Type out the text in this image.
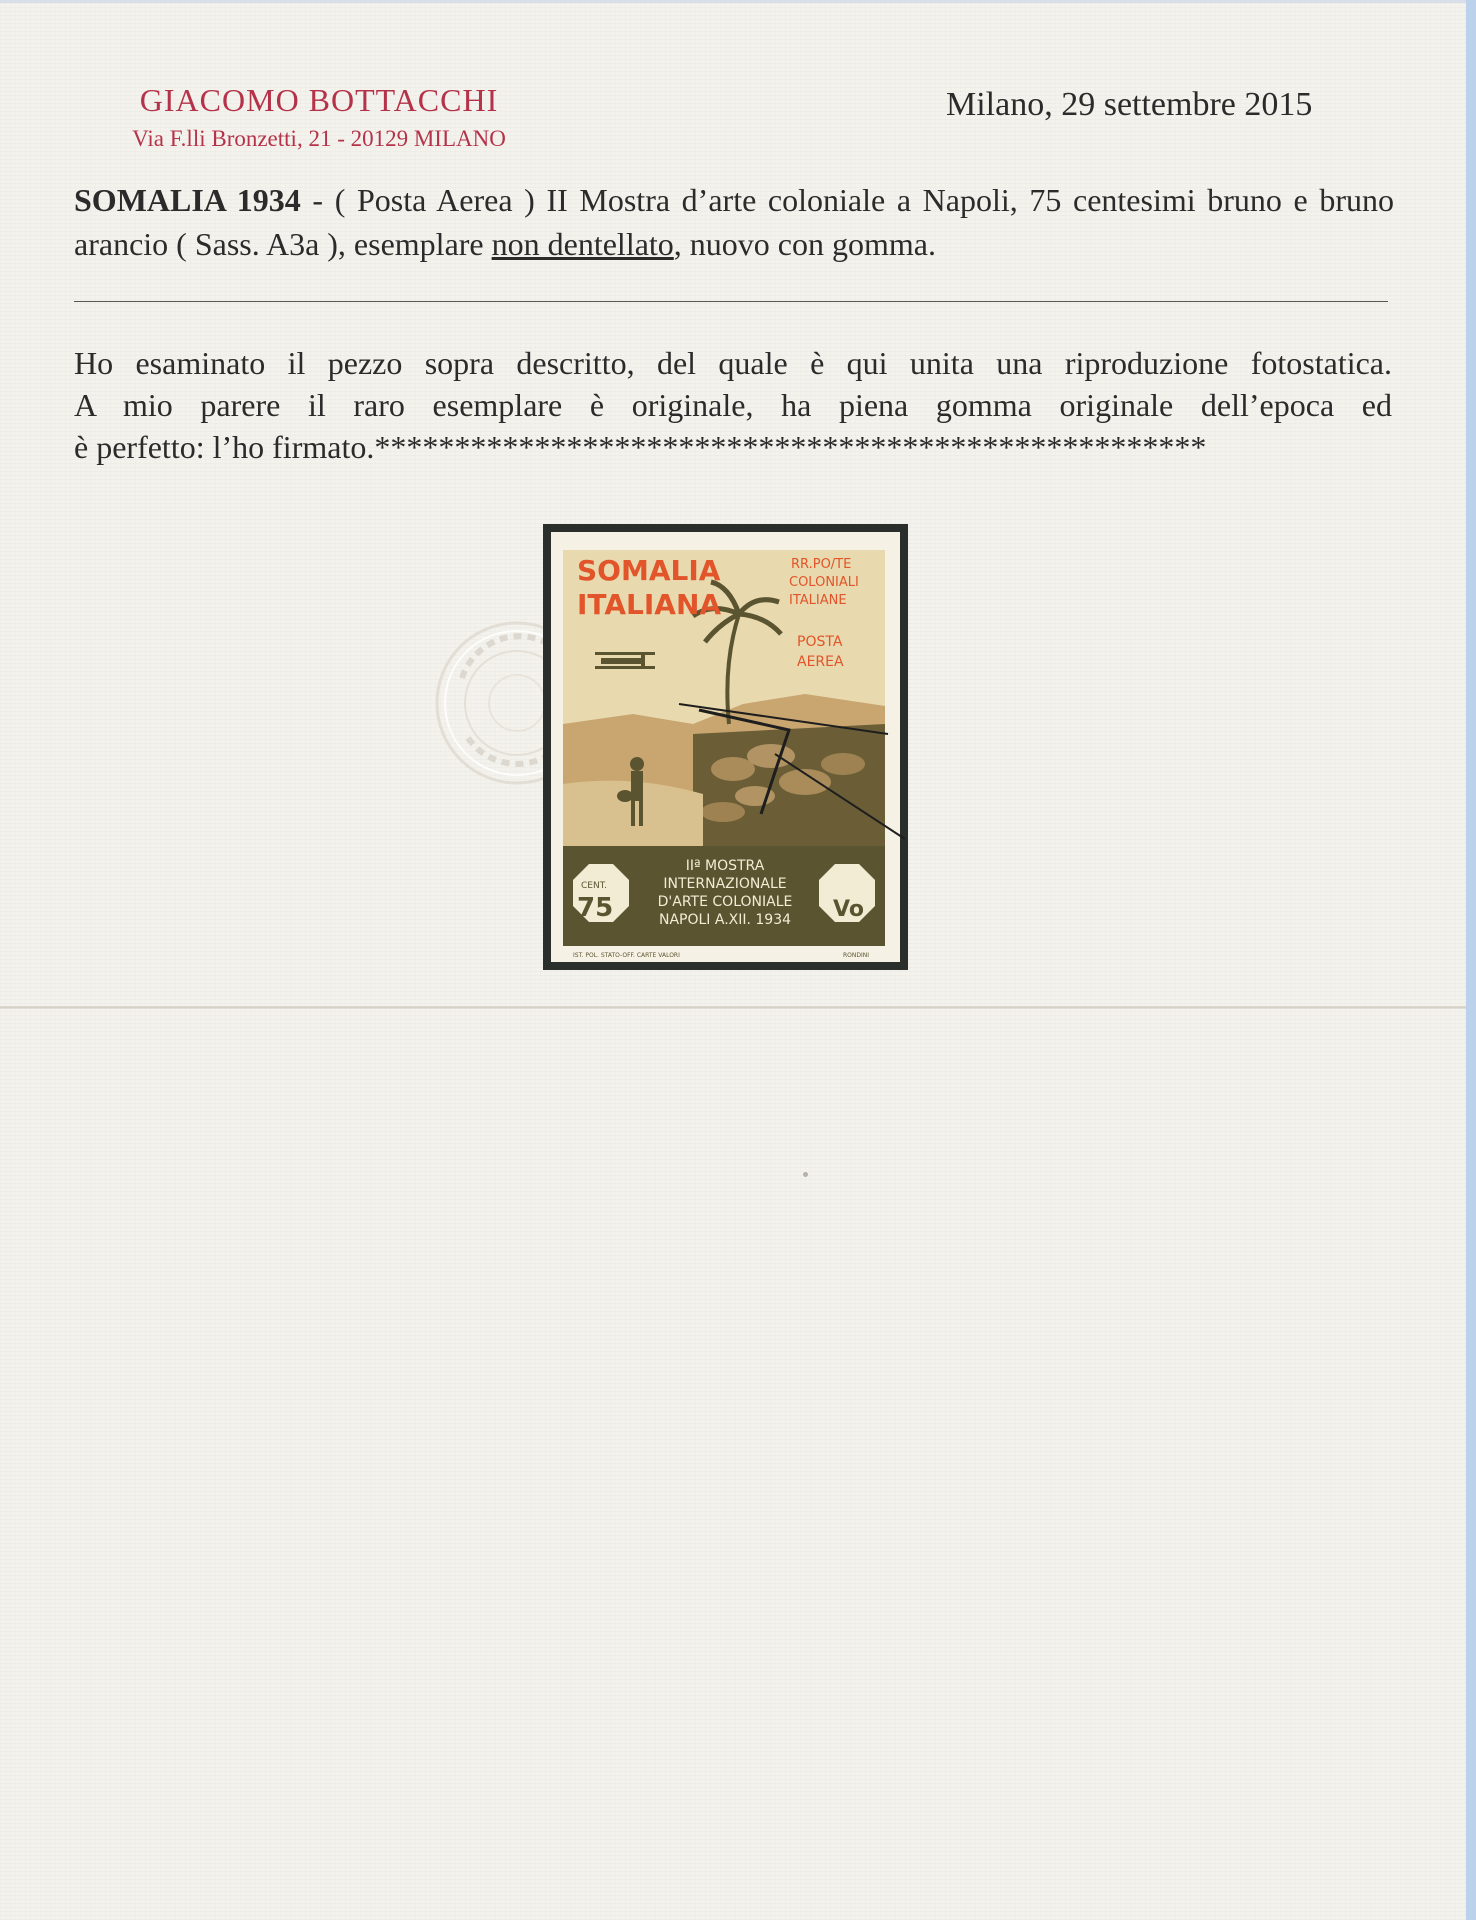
GIACOMO BOTTACCHI
Via F.lli Bronzetti, 21 - 20129 MILANO
Milano, 29 settembre 2015
SOMALIA 1934 - ( Posta Aerea ) II Mostra d’arte coloniale a Napoli, 75 centesimi bruno e bruno arancio ( Sass. A3a ), esemplare non dentellato, nuovo con gomma.
Ho esaminato il pezzo sopra descritto, del quale è qui unita una riproduzione fotostatica.
A mio parere il raro esemplare è originale, ha piena gomma originale dell’epoca ed
è perfetto: l’ho firmato.****************************************************
SOMALIA
ITALIANA
RR.PO/TE
COLONIALI
ITALIANE
POSTA
AEREA
CENT.
75	Vo
IIª MOSTRA
INTERNAZIONALE
D'ARTE COLONIALE
NAPOLI A.XII. 1934
IST. POL. STATO-OFF. CARTE VALORI	RONDINI
